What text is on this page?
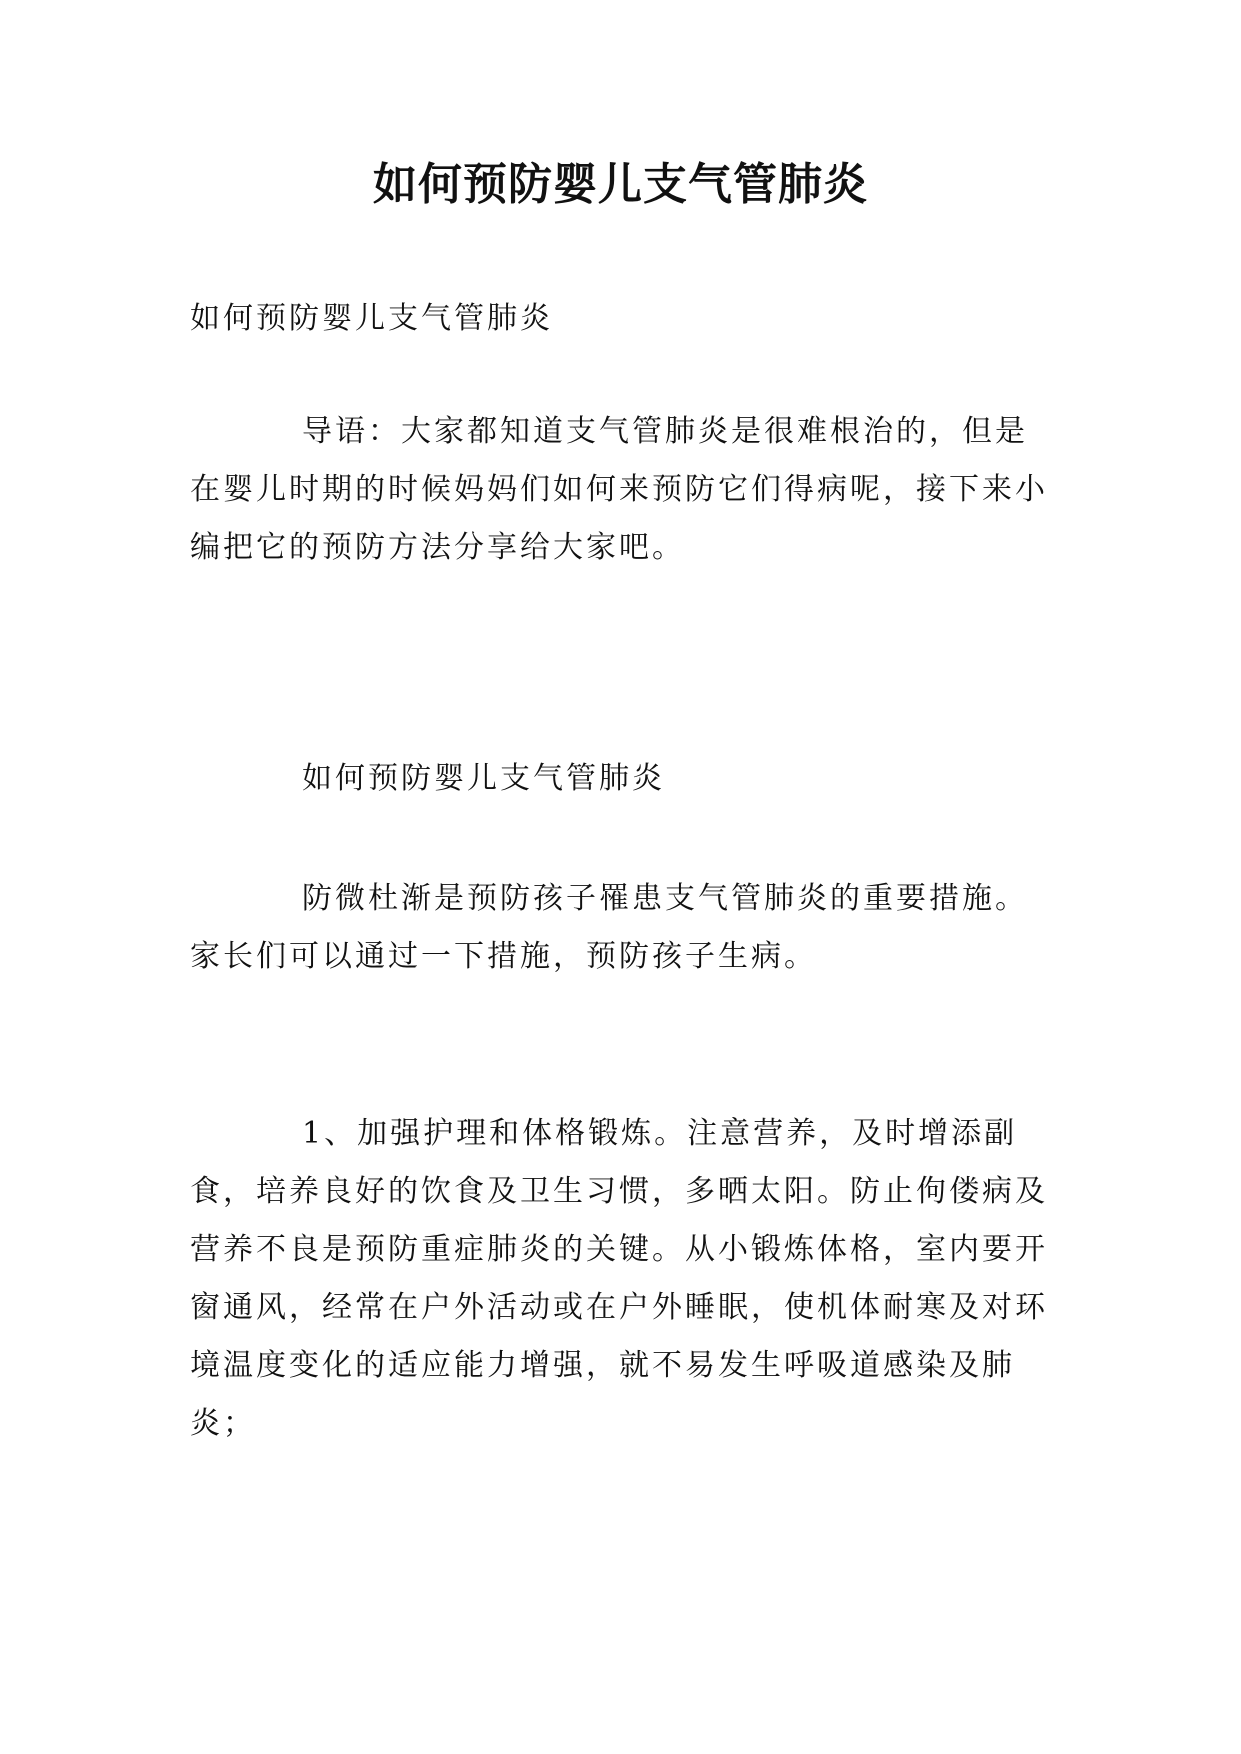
如何预防婴儿支气管肺炎

如何预防婴儿支气管肺炎

导语：大家都知道支气管肺炎是很难根治的，但是在婴儿时期的时候妈妈们如何来预防它们得病呢，接下来小编把它的预防方法分享给大家吧。

如何预防婴儿支气管肺炎

防微杜渐是预防孩子罹患支气管肺炎的重要措施。家长们可以通过一下措施，预防孩子生病。

1、加强护理和体格锻炼。注意营养，及时增添副食，培养良好的饮食及卫生习惯，多晒太阳。防止佝偻病及营养不良是预防重症肺炎的关键。从小锻炼体格，室内要开窗通风，经常在户外活动或在户外睡眠，使机体耐寒及对环境温度变化的适应能力增强，就不易发生呼吸道感染及肺炎；
